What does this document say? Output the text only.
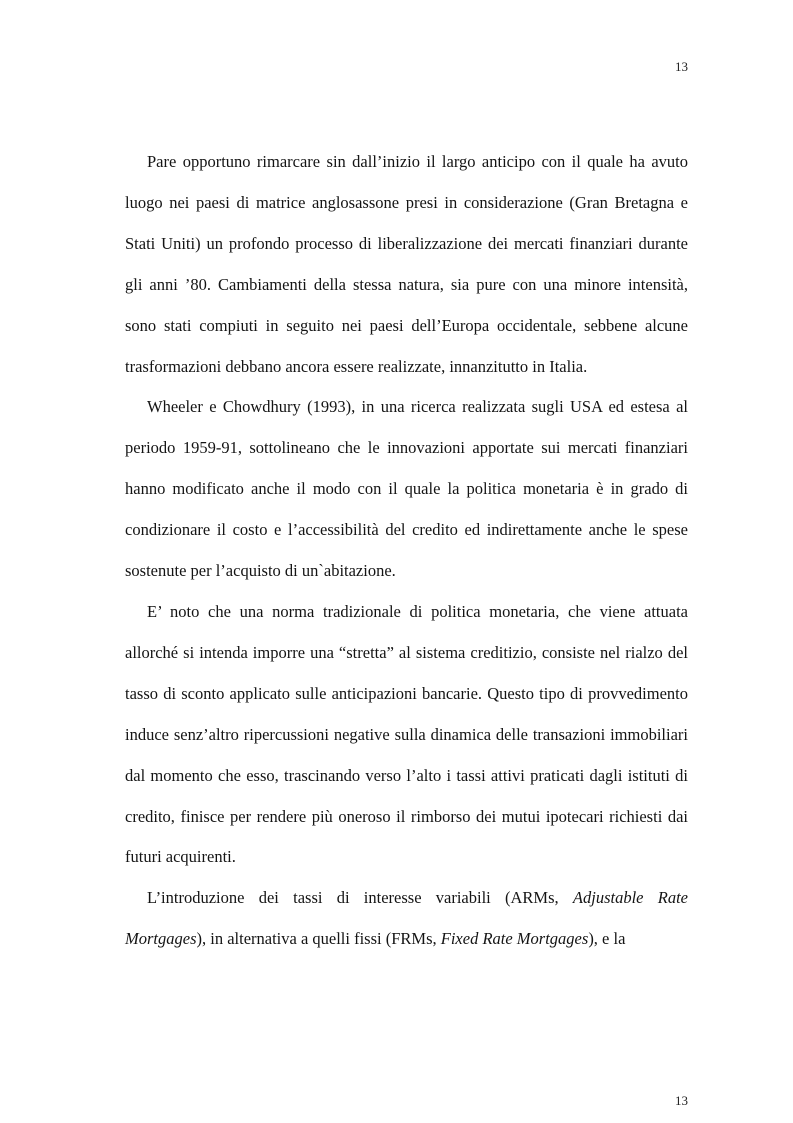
13

Pare opportuno rimarcare sin dall’inizio il largo anticipo con il quale ha avuto luogo nei paesi di matrice anglosassone presi in considerazione (Gran Bretagna e Stati Uniti) un profondo processo di liberalizzazione dei mercati finanziari durante gli anni ’80. Cambiamenti della stessa natura, sia pure con una minore intensità, sono stati compiuti in seguito nei paesi dell’Europa occidentale, sebbene alcune trasformazioni debbano ancora essere realizzate, innanzitutto in Italia.

Wheeler e Chowdhury (1993), in una ricerca realizzata sugli USA ed estesa al periodo 1959-91, sottolineano che le innovazioni apportate sui mercati finanziari hanno modificato anche il modo con il quale la politica monetaria è in grado di condizionare il costo e l’accessibilità del credito ed indirettamente anche le spese sostenute per l’acquisto di un`abitazione.

E’ noto che una norma tradizionale di politica monetaria, che viene attuata allorché si intenda imporre una “stretta” al sistema creditizio, consiste nel rialzo del tasso di sconto applicato sulle anticipazioni bancarie. Questo tipo di provvedimento induce senz’altro ripercussioni negative sulla dinamica delle transazioni immobiliari dal momento che esso, trascinando verso l’alto i tassi attivi praticati dagli istituti di credito, finisce per rendere più oneroso il rimborso dei mutui ipotecari richiesti dai futuri acquirenti.

L’introduzione dei tassi di interesse variabili (ARMs, Adjustable Rate Mortgages), in alternativa a quelli fissi (FRMs, Fixed Rate Mortgages), e la

13
